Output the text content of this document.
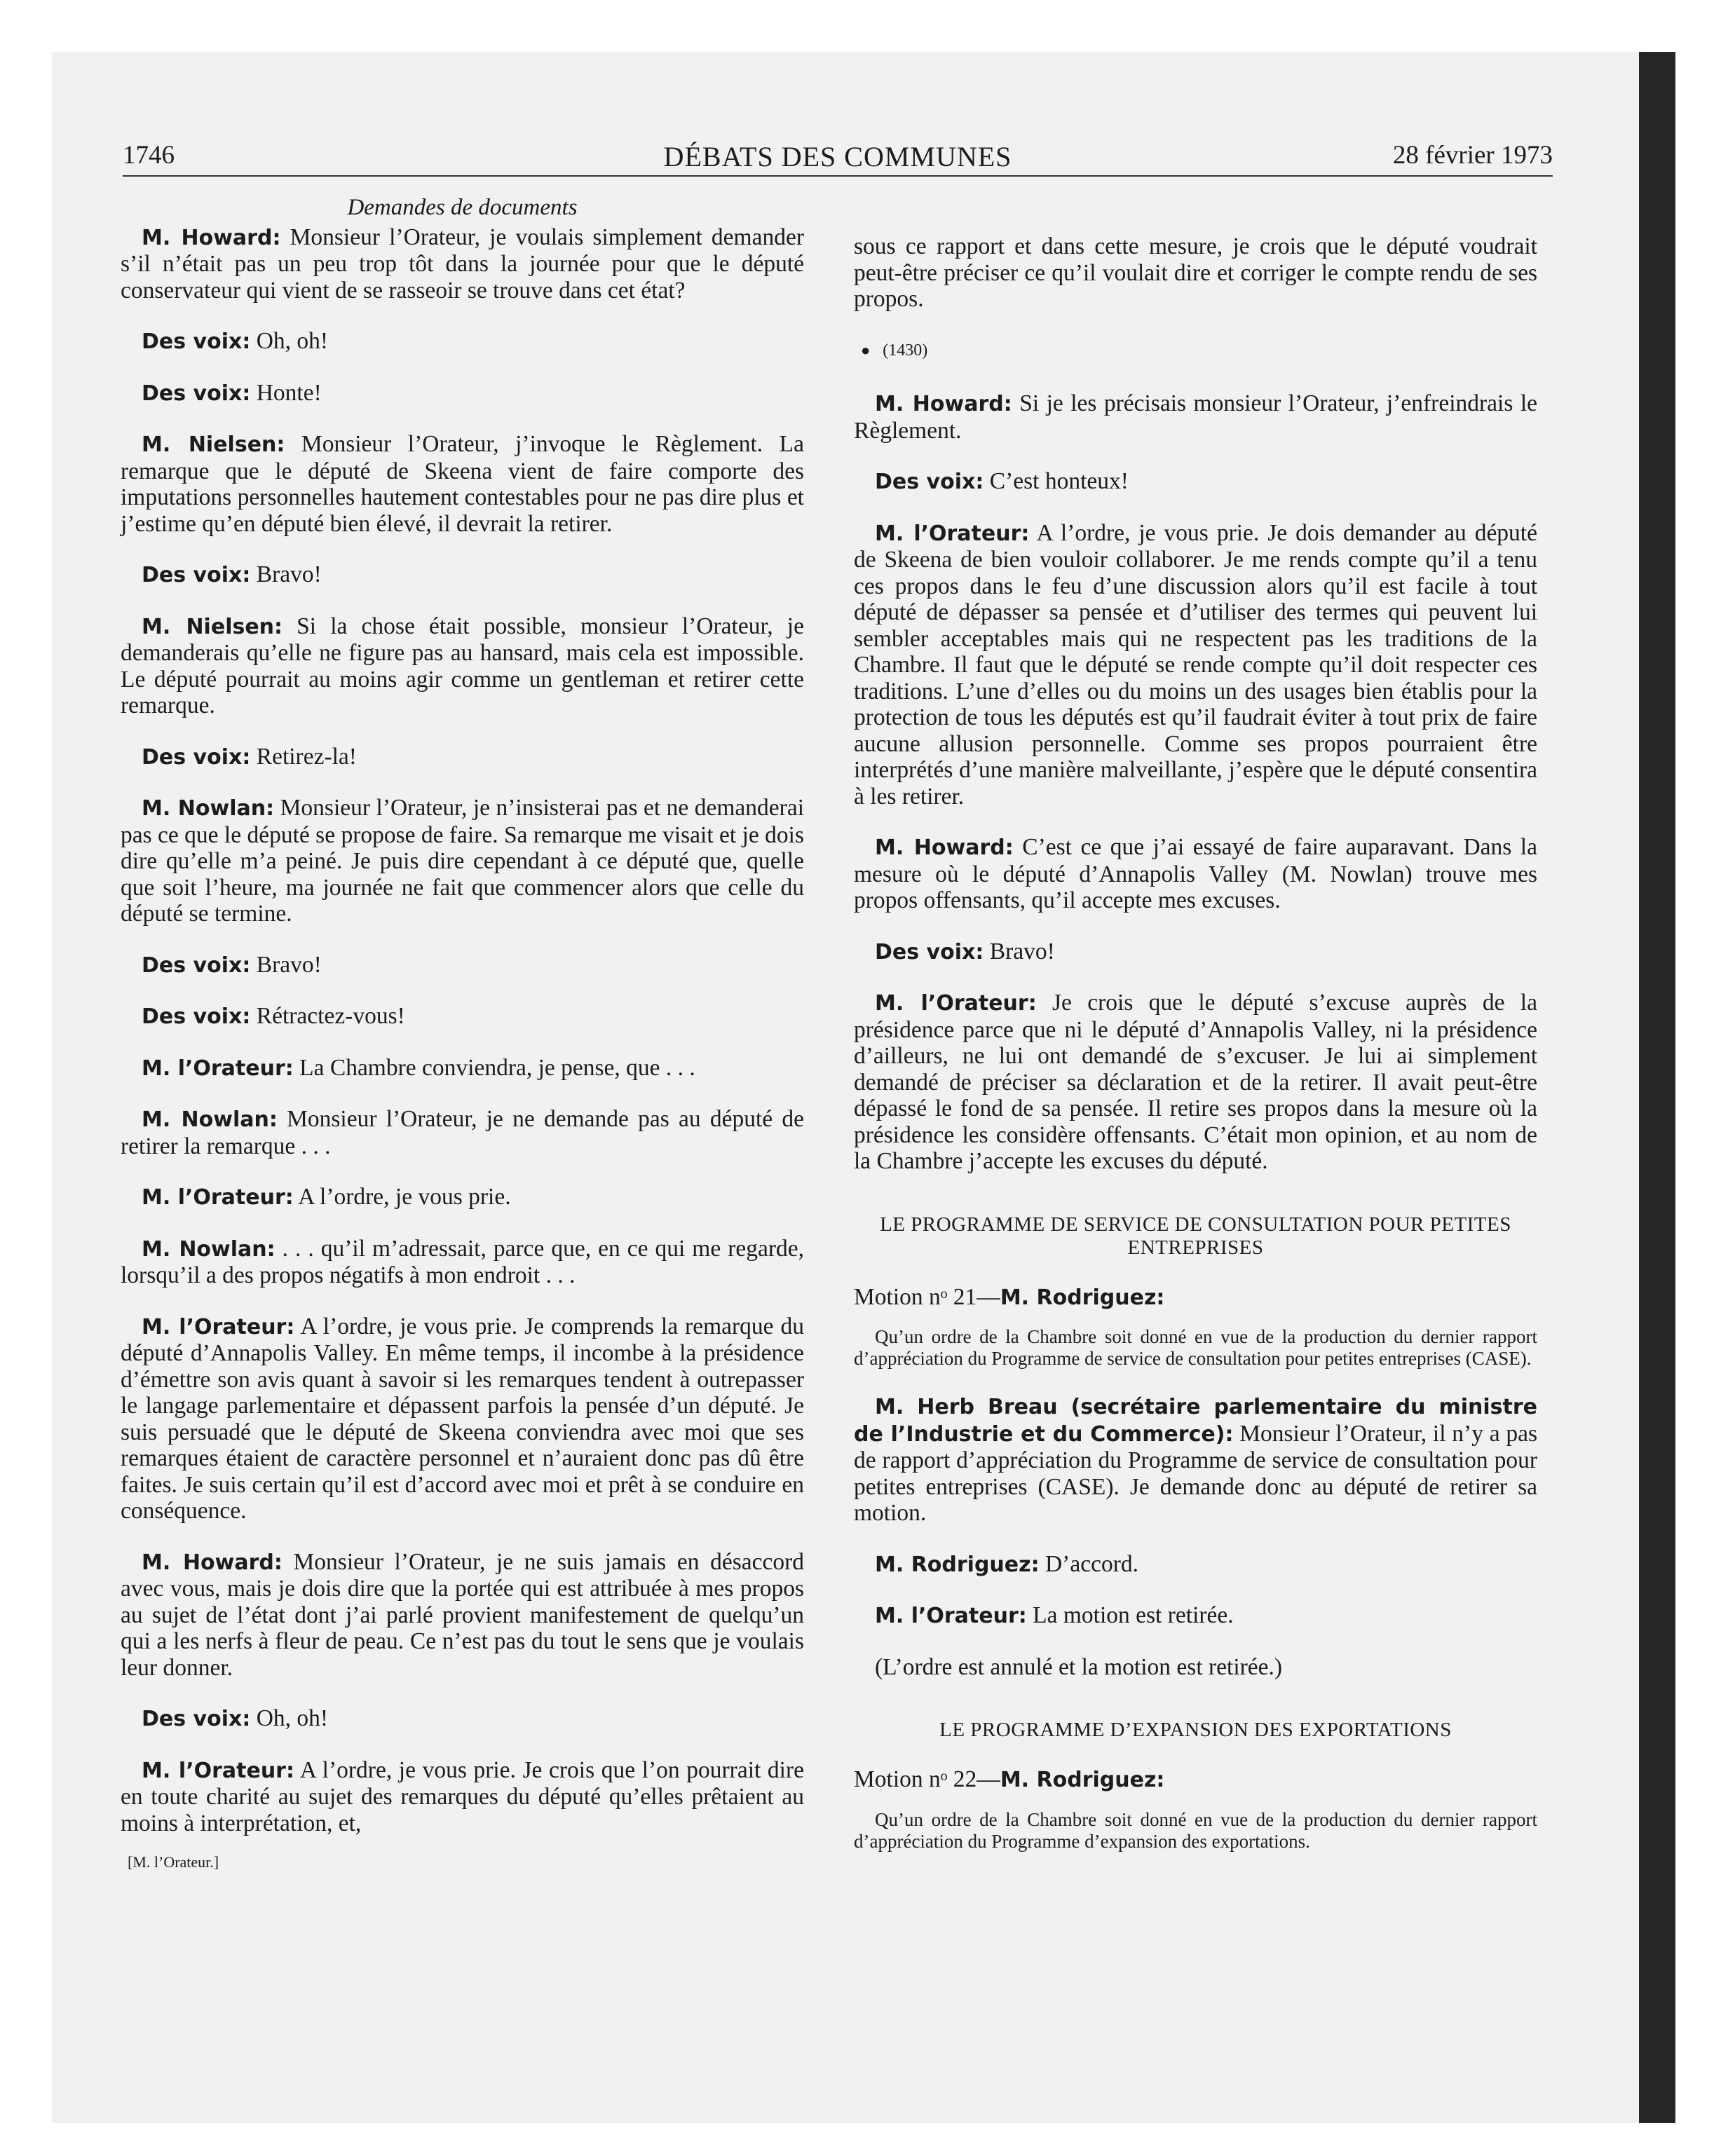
1746	DÉBATS DES COMMUNES	28 février 1973

Demandes de documents

M. Howard: Monsieur l’Orateur, je voulais simplement demander s’il n’était pas un peu trop tôt dans la journée pour que le député conservateur qui vient de se rasseoir se trouve dans cet état?

Des voix: Oh, oh!

Des voix: Honte!

M. Nielsen: Monsieur l’Orateur, j’invoque le Règlement. La remarque que le député de Skeena vient de faire comporte des imputations personnelles hautement contestables pour ne pas dire plus et j’estime qu’en député bien élevé, il devrait la retirer.

Des voix: Bravo!

M. Nielsen: Si la chose était possible, monsieur l’Orateur, je demanderais qu’elle ne figure pas au hansard, mais cela est impossible. Le député pourrait au moins agir comme un gentleman et retirer cette remarque.

Des voix: Retirez-la!

M. Nowlan: Monsieur l’Orateur, je n’insisterai pas et ne demanderai pas ce que le député se propose de faire. Sa remarque me visait et je dois dire qu’elle m’a peiné. Je puis dire cependant à ce député que, quelle que soit l’heure, ma journée ne fait que commencer alors que celle du député se termine.

Des voix: Bravo!

Des voix: Rétractez-vous!

M. l’Orateur: La Chambre conviendra, je pense, que . . .

M. Nowlan: Monsieur l’Orateur, je ne demande pas au député de retirer la remarque . . .

M. l’Orateur: A l’ordre, je vous prie.

M. Nowlan: . . . qu’il m’adressait, parce que, en ce qui me regarde, lorsqu’il a des propos négatifs à mon endroit . . .

M. l’Orateur: A l’ordre, je vous prie. Je comprends la remarque du député d’Annapolis Valley. En même temps, il incombe à la présidence d’émettre son avis quant à savoir si les remarques tendent à outrepasser le langage parlementaire et dépassent parfois la pensée d’un député. Je suis persuadé que le député de Skeena conviendra avec moi que ses remarques étaient de caractère personnel et n’auraient donc pas dû être faites. Je suis certain qu’il est d’accord avec moi et prêt à se conduire en conséquence.

M. Howard: Monsieur l’Orateur, je ne suis jamais en désaccord avec vous, mais je dois dire que la portée qui est attribuée à mes propos au sujet de l’état dont j’ai parlé provient manifestement de quelqu’un qui a les nerfs à fleur de peau. Ce n’est pas du tout le sens que je voulais leur donner.

Des voix: Oh, oh!

M. l’Orateur: A l’ordre, je vous prie. Je crois que l’on pourrait dire en toute charité au sujet des remarques du député qu’elles prêtaient au moins à interprétation, et,

[M. l’Orateur.]

sous ce rapport et dans cette mesure, je crois que le député voudrait peut-être préciser ce qu’il voulait dire et corriger le compte rendu de ses propos.

● (1430)

M. Howard: Si je les précisais monsieur l’Orateur, j’enfreindrais le Règlement.

Des voix: C’est honteux!

M. l’Orateur: A l’ordre, je vous prie. Je dois demander au député de Skeena de bien vouloir collaborer. Je me rends compte qu’il a tenu ces propos dans le feu d’une discussion alors qu’il est facile à tout député de dépasser sa pensée et d’utiliser des termes qui peuvent lui sembler acceptables mais qui ne respectent pas les traditions de la Chambre. Il faut que le député se rende compte qu’il doit respecter ces traditions. L’une d’elles ou du moins un des usages bien établis pour la protection de tous les députés est qu’il faudrait éviter à tout prix de faire aucune allusion personnelle. Comme ses propos pourraient être interprétés d’une manière malveillante, j’espère que le député consentira à les retirer.

M. Howard: C’est ce que j’ai essayé de faire auparavant. Dans la mesure où le député d’Annapolis Valley (M. Nowlan) trouve mes propos offensants, qu’il accepte mes excuses.

Des voix: Bravo!

M. l’Orateur: Je crois que le député s’excuse auprès de la présidence parce que ni le député d’Annapolis Valley, ni la présidence d’ailleurs, ne lui ont demandé de s’excuser. Je lui ai simplement demandé de préciser sa déclaration et de la retirer. Il avait peut-être dépassé le fond de sa pensée. Il retire ses propos dans la mesure où la présidence les considère offensants. C’était mon opinion, et au nom de la Chambre j’accepte les excuses du député.

LE PROGRAMME DE SERVICE DE CONSULTATION POUR PETITES ENTREPRISES

Motion nᵒ 21—M. Rodriguez:

Qu’un ordre de la Chambre soit donné en vue de la production du dernier rapport d’appréciation du Programme de service de consultation pour petites entreprises (CASE).

M. Herb Breau (secrétaire parlementaire du ministre de l’Industrie et du Commerce): Monsieur l’Orateur, il n’y a pas de rapport d’appréciation du Programme de service de consultation pour petites entreprises (CASE). Je demande donc au député de retirer sa motion.

M. Rodriguez: D’accord.

M. l’Orateur: La motion est retirée.

(L’ordre est annulé et la motion est retirée.)

LE PROGRAMME D’EXPANSION DES EXPORTATIONS

Motion nᵒ 22—M. Rodriguez:

Qu’un ordre de la Chambre soit donné en vue de la production du dernier rapport d’appréciation du Programme d’expansion des exportations.
